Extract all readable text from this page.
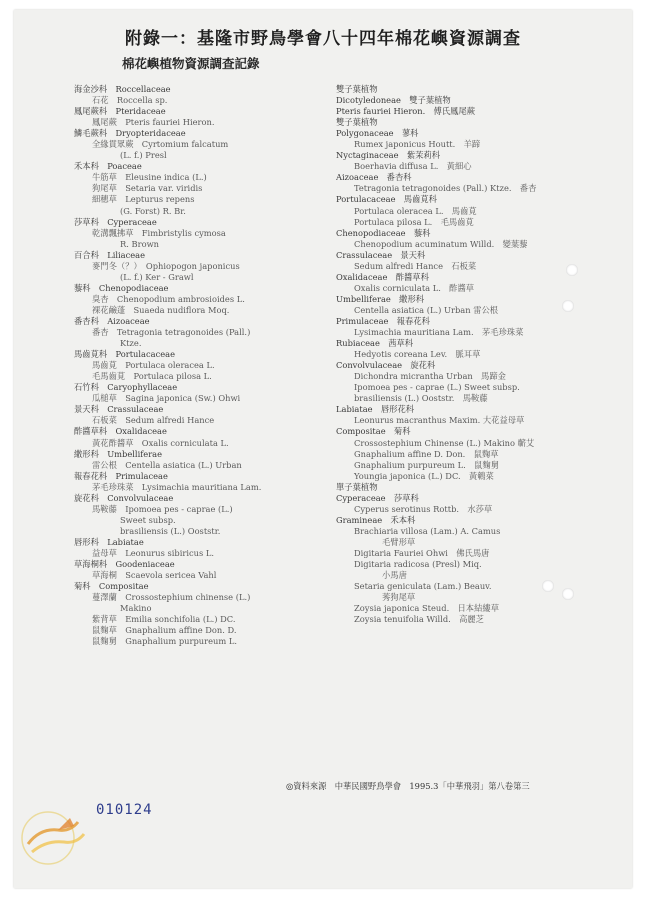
附錄一：基隆市野鳥學會八十四年棉花嶼資源調查
棉花嶼植物資源調查記錄
海金沙科　Roccellaceae
石花　Roccella sp.
鳳尾蕨科　Pteridaceae
鳳尾蕨　Pteris fauriei Hieron.
鱗毛蕨科　Dryopteridaceae
全緣貫眾蕨　Cyrtomium falcatum
(L. f.) Presl
禾本科　Poaceae
牛筋草　Eleusine indica (L.)
狗尾草　Setaria var. viridis
細穗草　Lepturus repens
(G. Forst) R. Br.
莎草科　Cyperaceae
乾溝飄拂草　Fimbristylis cymosa
R. Brown
百合科　Liliaceae
麥門冬（？）　Ophiopogon japonicus
(L. f.) Ker - Grawl
藜科　Chenopodiaceae
臭杏　Chenopodium ambrosioides L.
裸花鹼蓬　Suaeda nudiflora Moq.
番杏科　Aizoaceae
番杏　Tetragonia tetragonoides (Pall.)
Ktze.
馬齒莧科　Portulacaceae
馬齒莧　Portulaca oleracea L.
毛馬齒莧　Portulaca pilosa L.
石竹科　Caryophyllaceae
瓜槌草　Sagina japonica (Sw.) Ohwi
景天科　Crassulaceae
石板菜　Sedum alfredi Hance
酢醬草科　Oxalidaceae
黃花酢醬草　Oxalis corniculata L.
繖形科　Umbelliferae
雷公根　Centella asiatica (L.) Urban
報春花科　Primulaceae
茅毛珍珠菜　Lysimachia mauritiana Lam.
旋花科　Convolvulaceae
馬鞍藤　Ipomoea pes - caprae (L.)
Sweet subsp.
brasiliensis (L.) Ooststr.
唇形科　Labiatae
益母草　Leonurus sibiricus L.
草海桐科　Goodeniaceae
草海桐　Scaevola sericea Vahl
菊科　Compositae
蔓澤蘭　Crossostephium chinense (L.)
Makino
紫背草　Emilia sonchifolia (L.) DC.
鼠麴草　Gnaphalium affine Don. D.
鼠麴舅　Gnaphalium purpureum L.
雙子葉植物
Dicotyledoneae　雙子葉植物
Pteris fauriei Hieron.　傅氏鳳尾蕨
雙子葉植物
Polygonaceae　蓼科
Rumex japonicus Houtt.　羊蹄
Nyctaginaceae　紫茉莉科
Boerhavia diffusa L.　黃細心
Aizoaceae　番杏科
Tetragonia tetragonoides (Pall.) Ktze.　番杏
Portulacaceae　馬齒莧科
Portulaca oleracea L.　馬齒莧
Portulaca pilosa L.　毛馬齒莧
Chenopodiaceae　藜科
Chenopodium acuminatum Willd.　變葉藜
Crassulaceae　景天科
Sedum alfredi Hance　石板菜
Oxalidaceae　酢醬草科
Oxalis corniculata L.　酢醬草
Umbelliferae　繖形科
Centella asiatica (L.) Urban 雷公根
Primulaceae　報春花科
Lysimachia mauritiana Lam.　茅毛珍珠菜
Rubiaceae　茜草科
Hedyotis coreana Lev.　脈耳草
Convolvulaceae　旋花科
Dichondra micrantha Urban　馬蹄金
Ipomoea pes - caprae (L.) Sweet subsp.
brasiliensis (L.) Ooststr.　馬鞍藤
Labiatae　唇形花科
Leonurus macranthus Maxim. 大花益母草
Compositae　菊科
Crossostephium Chinense (L.) Makino 蘄艾
Gnaphalium affine D. Don.　鼠麴草
Gnaphalium purpureum L.　鼠麴舅
Youngia japonica (L.) DC.　黃鵪菜
單子葉植物
Cyperaceae　莎草科
Cyperus serotinus Rottb.　水莎草
Gramineae　禾本科
Brachiaria villosa (Lam.) A. Camus
毛臂形草
Digitaria Fauriei Ohwi　佛氏馬唐
Digitaria radicosa (Presl) Miq.
小馬唐
Setaria geniculata (Lam.) Beauv.
莠狗尾草
Zoysia japonica Steud.　日本結縷草
Zoysia tenuifolia Willd.　高麗芝
◎資料來源　中華民國野鳥學會　1995.3「中華飛羽」第八卷第三
010124
